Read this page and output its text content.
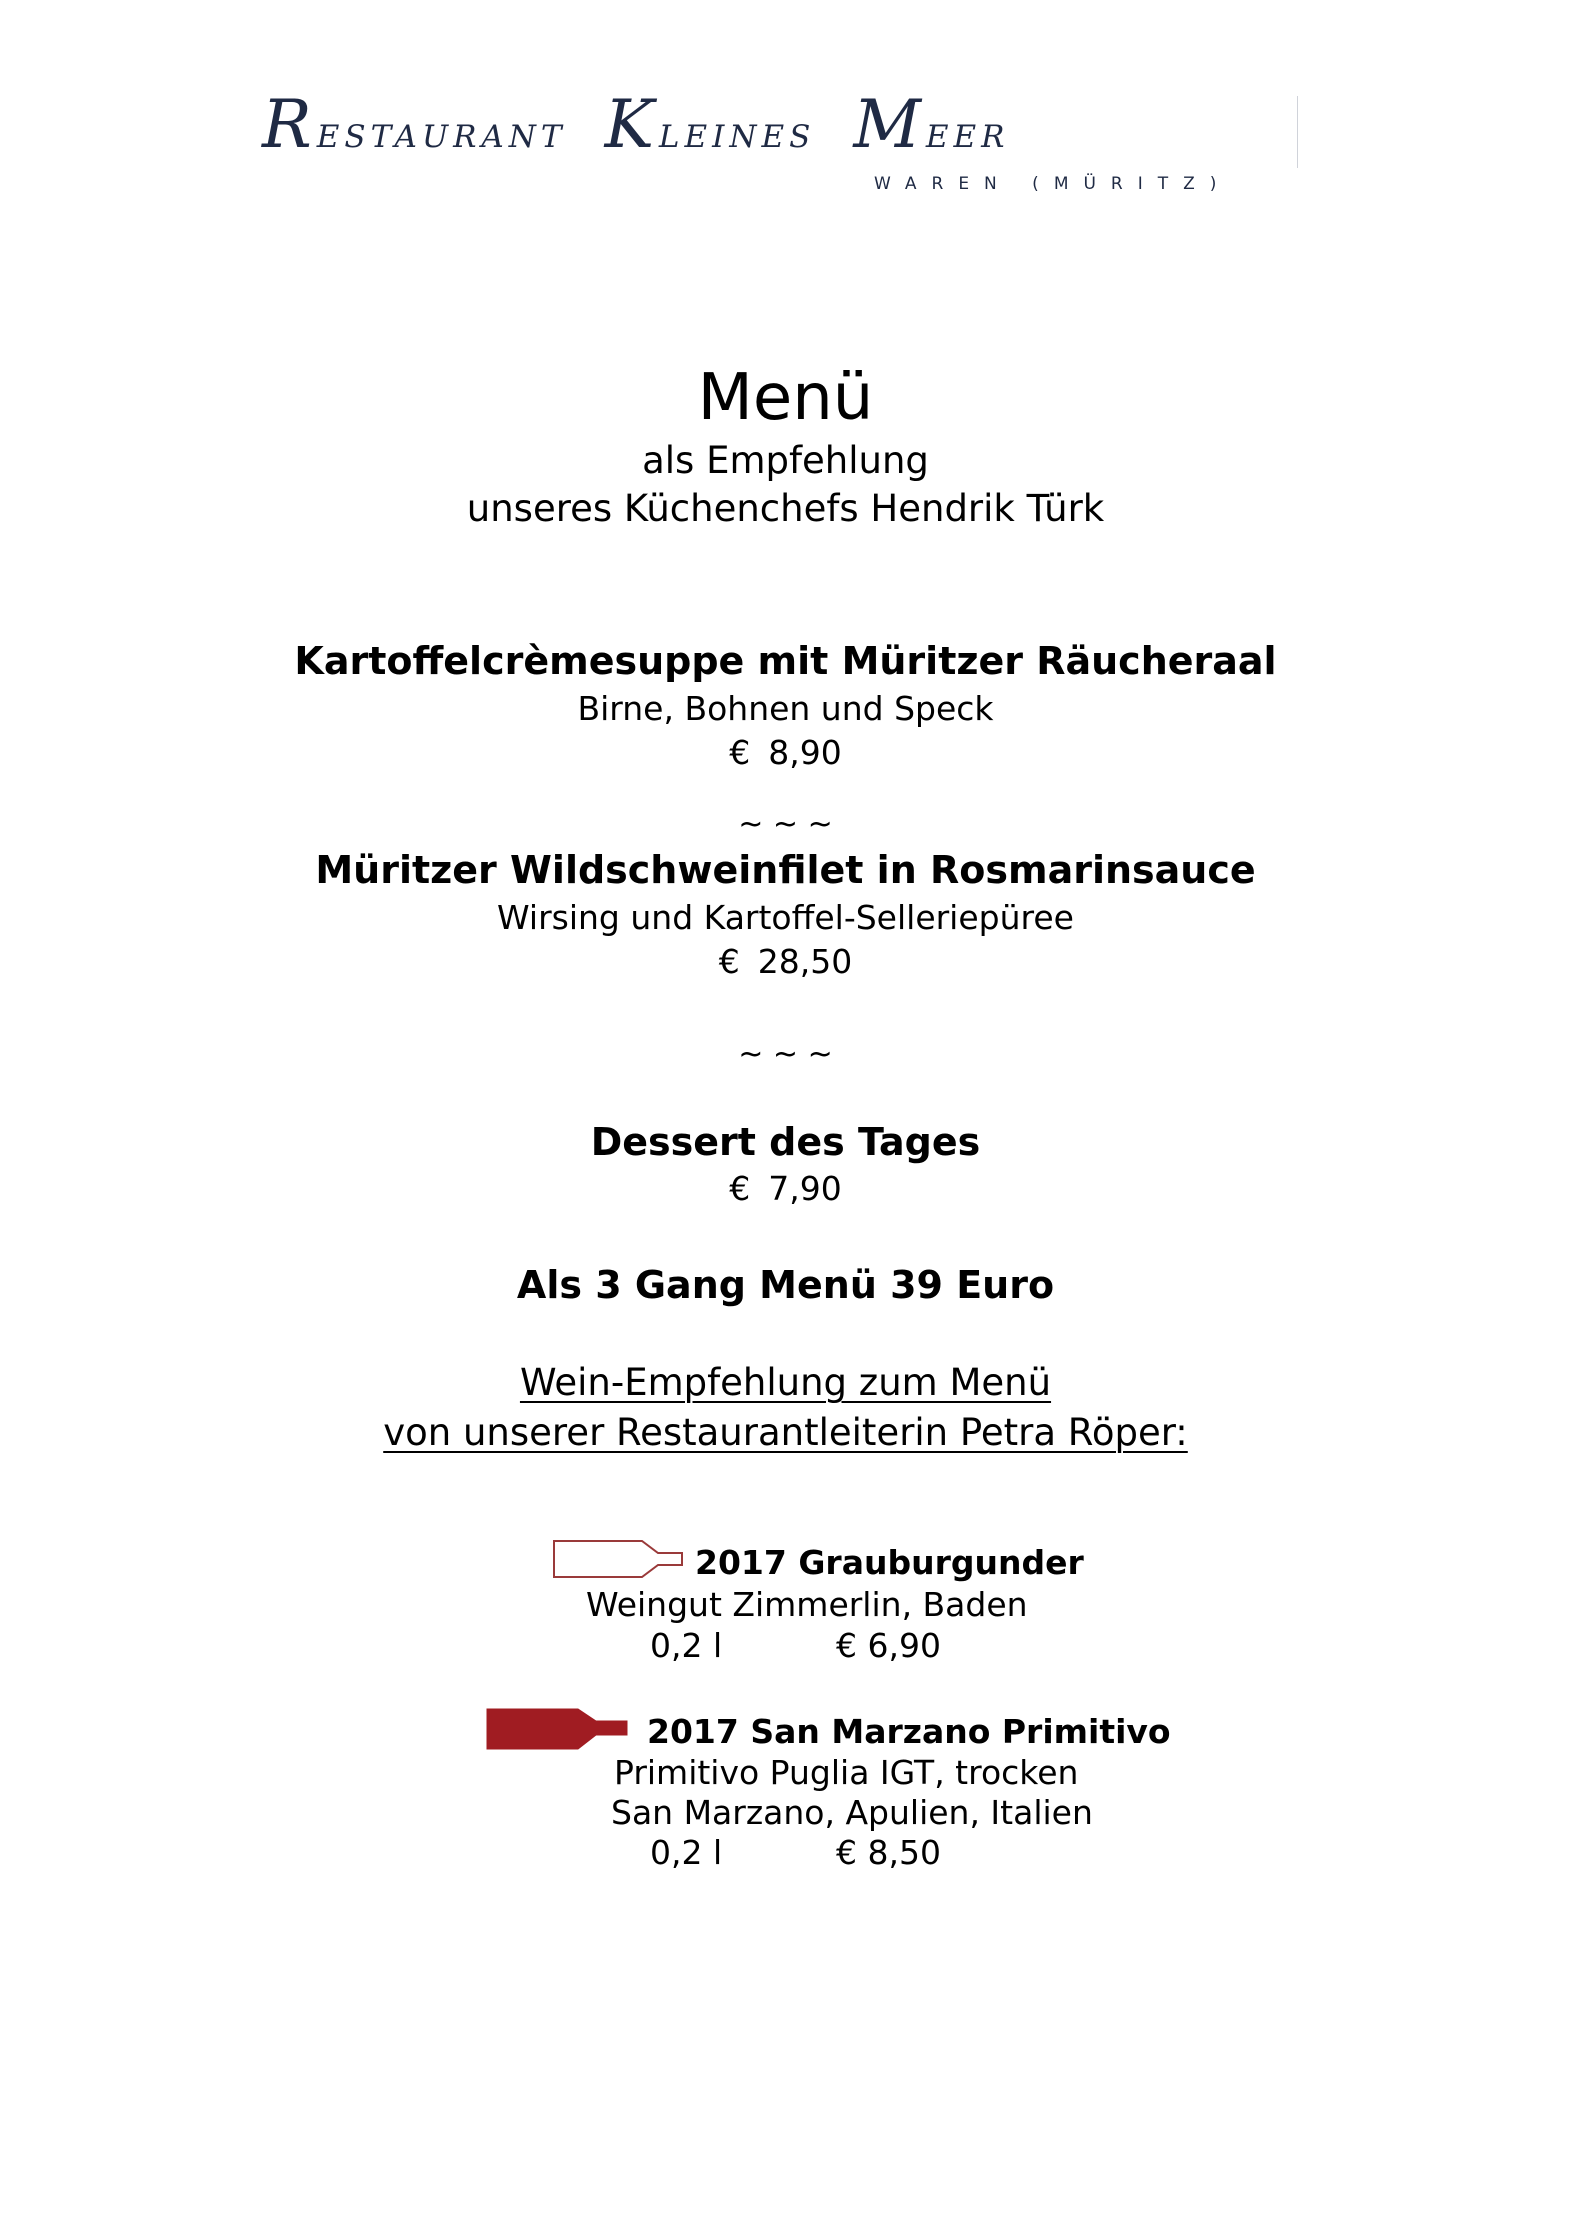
Restaurant  Kleines  Meer
WAREN (MÜRITZ)
Menü
als Empfehlung
unseres Küchenchefs Hendrik Türk
Kartoffelcrèmesuppe mit Müritzer Räucheraal
Birne, Bohnen und Speck
€ 8,90
~ ~ ~
Müritzer Wildschweinfilet in Rosmarinsauce
Wirsing und Kartoffel-Selleriepüree
€ 28,50
~ ~ ~
Dessert des Tages
€ 7,90
Als 3 Gang Menü 39 Euro
Wein-Empfehlung zum Menü
von unserer Restaurantleiterin Petra Röper:
2017 Grauburgunder
Weingut Zimmerlin, Baden
0,2 l	€ 6,90
2017 San Marzano Primitivo
Primitivo Puglia IGT, trocken
San Marzano, Apulien, Italien
0,2 l	€ 8,50
